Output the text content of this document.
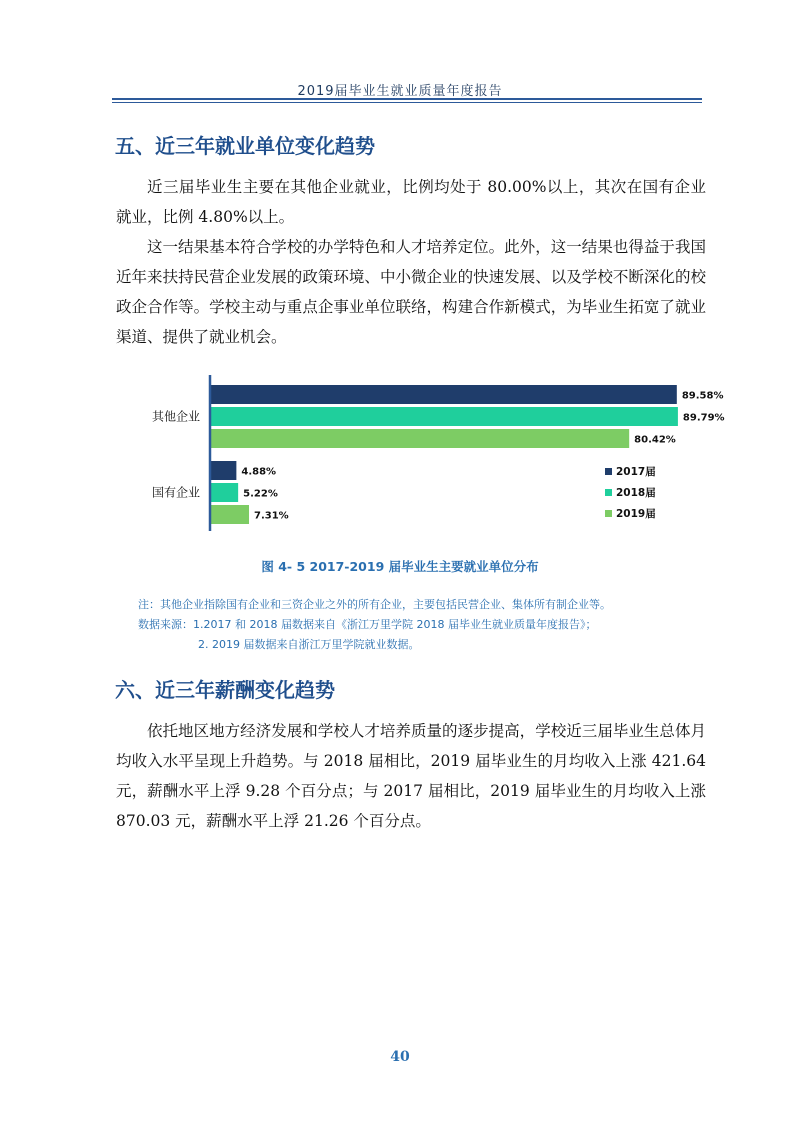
2019届毕业生就业质量年度报告
五、近三年就业单位变化趋势

近三届毕业生主要在其他企业就业，比例均处于 80.00%以上，其次在国有企业就业，比例 4.80%以上。

这一结果基本符合学校的办学特色和人才培养定位。此外，这一结果也得益于我国近年来扶持民营企业发展的政策环境、中小微企业的快速发展、以及学校不断深化的校政企合作等。学校主动与重点企事业单位联络，构建合作新模式，为毕业生拓宽了就业渠道、提供了就业机会。

其他企业
89.58%
89.79%
80.42%
国有企业
4.88%
5.22%
7.31%
2017届
2018届
2019届
图 4- 5 2017-2019 届毕业生主要就业单位分布

注：其他企业指除国有企业和三资企业之外的所有企业，主要包括民营企业、集体所有制企业等。

数据来源：1.2017 和 2018 届数据来自《浙江万里学院 2018 届毕业生就业质量年度报告》；

2. 2019 届数据来自浙江万里学院就业数据。

六、近三年薪酬变化趋势

依托地区地方经济发展和学校人才培养质量的逐步提高，学校近三届毕业生总体月均收入水平呈现上升趋势。与 2018 届相比，2019 届毕业生的月均收入上涨 421.64 元，薪酬水平上浮 9.28 个百分点；与 2017 届相比，2019 届毕业生的月均收入上涨 870.03 元，薪酬水平上浮 21.26 个百分点。

40
